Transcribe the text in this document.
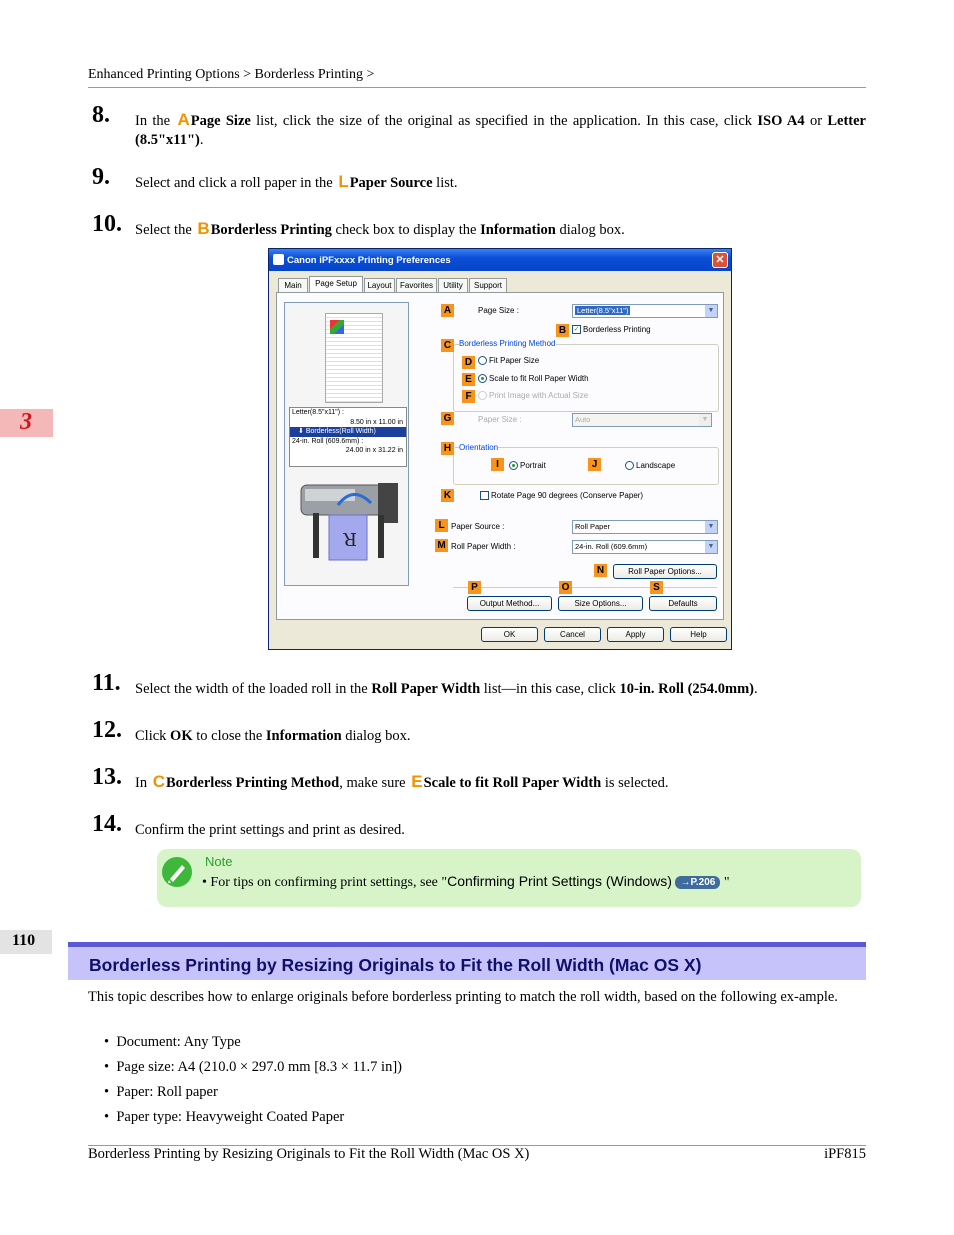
Enhanced Printing Options > Borderless Printing >
8. In the APage Size list, click the size of the original as specified in the application. In this case, click ISO A4 or Letter (8.5"x11").
9. Select and click a roll paper in the LPaper Source list.
10. Select the BBorderless Printing check box to display the Information dialog box.
Canon iPFxxxx Printing Preferences	✕
Main	Page Setup	Layout	Favorites	Utility	Support
Letter(8.5"x11") :
8.50 in x 11.00 in
⬇ Borderless(Roll Width)
24-in. Roll (609.6mm) :
24.00 in x 31.22 in
R
A	Page Size :	Letter(8.5"x11")	▼
B	✓ Borderless Printing
C Borderless Printing Method
D	Fit Paper Size
E	Scale to fit Roll Paper Width
F	Print Image with Actual Size
G	Paper Size :	Auto	▼
H Orientation
I	Portrait	J	Landscape
K	Rotate Page 90 degrees (Conserve Paper)
L Paper Source :	Roll Paper	▼
M Roll Paper Width :	24-in. Roll (609.6mm)	▼
N	Roll Paper Options...
P	O	S
Output Method...	Size Options...	Defaults
OK	Cancel	Apply	Help
11. Select the width of the loaded roll in the Roll Paper Width list—in this case, click 10-in. Roll (254.0mm).
12. Click OK to close the Information dialog box.
13. In CBorderless Printing Method, make sure EScale to fit Roll Paper Width is selected.
14. Confirm the print settings and print as desired.
Note
• For tips on confirming print settings, see "Confirming Print Settings (Windows) →P.206 "
3
110
Borderless Printing by Resizing Originals to Fit the Roll Width (Mac OS X)
This topic describes how to enlarge originals before borderless printing to match the roll width, based on the following ex-ample.
•  Document: Any Type
•  Page size: A4 (210.0 × 297.0 mm [8.3 × 11.7 in])
•  Paper: Roll paper
•  Paper type: Heavyweight Coated Paper
Borderless Printing by Resizing Originals to Fit the Roll Width (Mac OS X)	iPF815
